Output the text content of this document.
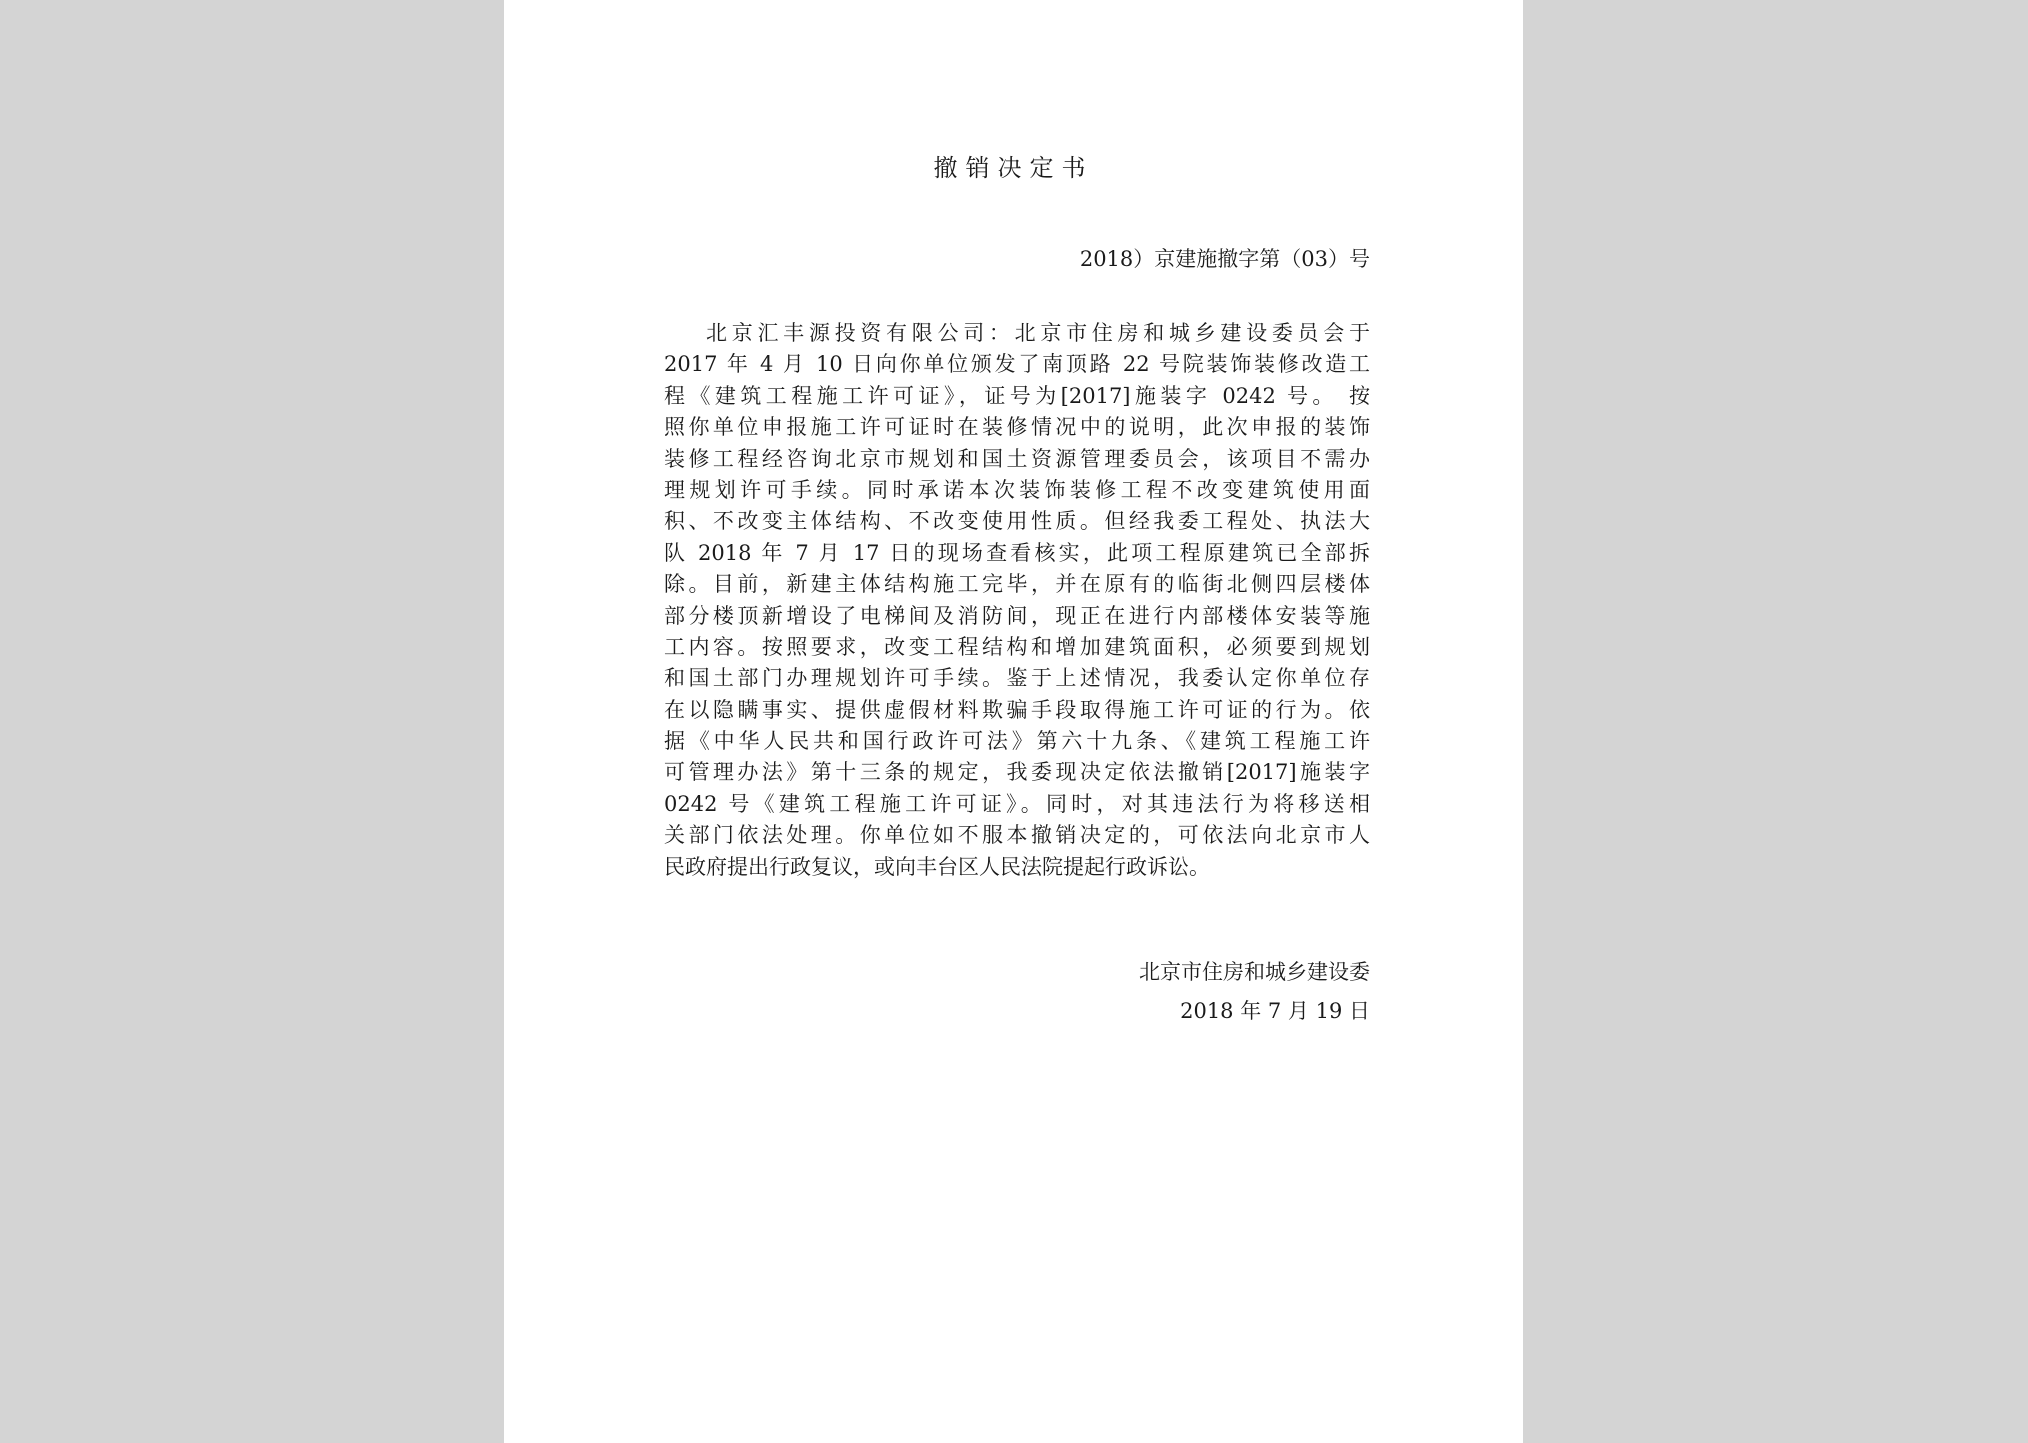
撤销决定书
2018）京建施撤字第（03）号
北京汇丰源投资有限公司：北京市住房和城乡建设委员会于
2017 年 4 月 10 日向你单位颁发了南顶路 22 号院装饰装修改造工
程《建筑工程施工许可证》，证号为[2017]施装字 0242 号。 按
照你单位申报施工许可证时在装修情况中的说明，此次申报的装饰
装修工程经咨询北京市规划和国土资源管理委员会，该项目不需办
理规划许可手续。同时承诺本次装饰装修工程不改变建筑使用面
积、不改变主体结构、不改变使用性质。但经我委工程处、执法大
队 2018 年 7 月 17 日的现场查看核实，此项工程原建筑已全部拆
除。目前，新建主体结构施工完毕，并在原有的临街北侧四层楼体
部分楼顶新增设了电梯间及消防间，现正在进行内部楼体安装等施
工内容。按照要求，改变工程结构和增加建筑面积，必须要到规划
和国土部门办理规划许可手续。鉴于上述情况，我委认定你单位存
在以隐瞒事实、提供虚假材料欺骗手段取得施工许可证的行为。依
据《中华人民共和国行政许可法》第六十九条、《建筑工程施工许
可管理办法》第十三条的规定，我委现决定依法撤销[2017]施装字
0242 号《建筑工程施工许可证》。同时，对其违法行为将移送相
关部门依法处理。你单位如不服本撤销决定的，可依法向北京市人
民政府提出行政复议，或向丰台区人民法院提起行政诉讼。
北京市住房和城乡建设委
2018 年 7 月 19 日
